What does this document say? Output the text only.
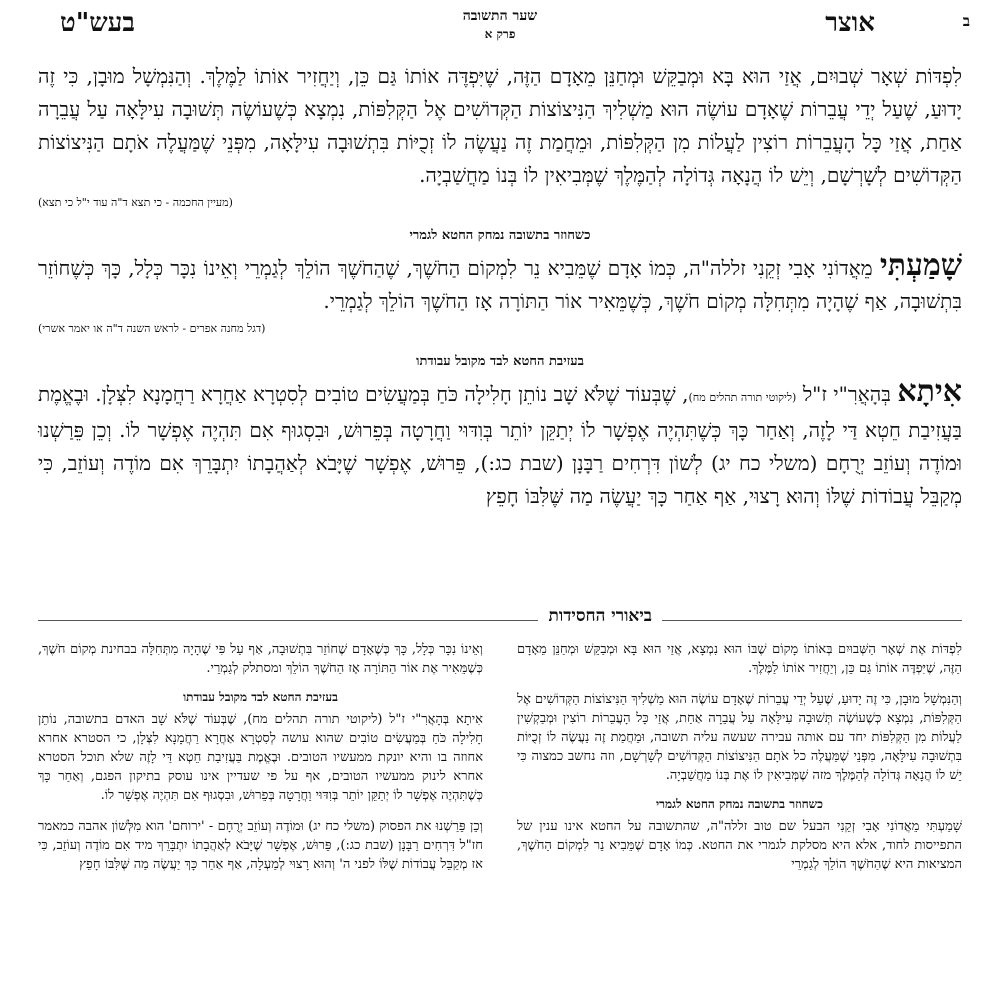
ב
אוצר
שער התשובה
פרק א
בעש"ט

לִפְדּוֹת שְׁאָר שְׁבוּיִם, אֲזַי הוּא בָּא וּמְבַקֵּשׁ וּמְחַנֵּן מֵאָדָם הַזֶּה, שֶׁיִּפְדֶּה אוֹתוֹ גַּם כֵּן, וְיַחֲזִיר אוֹתוֹ לַמֶּלֶךְ. וְהַנִּמְשָׁל מוּבָן, כִּי זֶה יָדוּעַ, שֶׁעַל יְדֵי עֲבֵרוֹת שֶׁאָדָם עוֹשֶׂה הוּא מַשְׁלִיךְ הַנִּיצוֹצוֹת הַקְּדוֹשִׁים אֶל הַקְּלִפּוֹת, נִמְצָא כְּשֶׁעוֹשֶׂה תְּשׁוּבָה עִילָּאָה עַל עֲבֵרָה אַחַת, אֲזַי כָּל הָעֲבֵרוֹת רוֹצִין לַעֲלוֹת מִן הַקְּלִפּוֹת, וּמֵחֲמַת זֶה נַעֲשֶׂה לוֹ זְכֻיּוֹת בִּתְשׁוּבָה עִילָּאָה, מִפְּנֵי שֶׁמַּעֲלֶה אֹתָם הַנִּיצוֹצוֹת הַקְּדוֹשִׁים לְשָׁרְשָׁם, וְיֵשׁ לוֹ הֲנָאָה גְּדוֹלָה לְהַמֶּלֶךְ שֶׁמְּבִיאִין לוֹ בְּנוֹ מַחֲשַׁבְיָה.

(מעיין החכמה - כי תצא ד"ה עוד י"ל כי תצא)

כשחוזר בתשובה נמחק החטא לגמרי

שָׁמַעְתִּי מֵאֲדוֹנִי אָבִי זְקֵנִי זללה"ה, כְּמוֹ אָדָם שֶׁמֵּבִיא נֵר לִמְקוֹם הַחֹשֶׁךְ, שֶׁהַחֹשֶׁךְ הוֹלֵךְ לְגַמְרֵי וְאֵינוֹ נִכָּר כְּלָל, כָּךְ כְּשֶׁחוֹזֵר בִּתְשׁוּבָה, אַף שֶׁהָיָה מִתְּחִלָּה מְקוֹם חֹשֶׁךְ, כְּשֶׁמֵּאִיר אוֹר הַתּוֹרָה אָז הַחֹשֶׁךְ הוֹלֵךְ לְגַמְרֵי.

(דגל מחנה אפרים - לראש השנה ד"ה או יאמר אשרי)

בעזיבת החטא לבד מקובל עבודתו

אִיתָא בְּהָאֲרִ"י ז"ל (ליקוטי תורה תהלים מח), שֶׁבְּעוֹד שֶׁלֹּא שָׁב נוֹתֵן חָלִילָה כֹּחַ בְּמַעֲשִׂים טוֹבִים לְסִטְרָא אַחֲרָא רַחֲמָנָא לִצְּלָן. וּבֶאֱמֶת בַּעֲזִיבַת חֵטְא דַּי לָזֶה, וְאַחַר כָּךְ כְּשֶׁתִּהְיֶה אֶפְשָׁר לוֹ יְתַקֵּן יוֹתֵר בְּוִדּוּי וַחֲרָטָה בְּפֵרוּשׁ, וּבִסְגוּף אִם תִּהְיֶה אֶפְשָׁר לוֹ. וְכֵן פֵּרַשְׁנוּ וּמוֹדֶה וְעוֹזֵב יְרֻחָם (משלי כח יג) לְשׁוֹן דִּרְחִים רַבָּנָן (שבת כג:), פֵּרוּשׁ, אֶפְשָׁר שֶׁיָּבֹא לְאַהֲבָתוֹ יִתְבָּרֵךְ אִם מוֹדֶה וְעוֹזֵב, כִּי מְקַבֵּל עֲבוֹדוֹת שֶׁלּוֹ וְהוּא רָצוּי, אַף אַחַר כָּךְ יַעֲשֶׂה מַה שֶּׁלִּבּוֹ חָפֵץ

ביאורי החסידות

לִפְדּוֹת אֶת שְׁאָר הַשְּׁבוּיִם בְּאוֹתוֹ מָקוֹם שֶׁבּוֹ הוּא נִמְצָא, אֲזַי הוּא בָּא וּמְבַקֵּשׁ וּמְחַנֵּן מֵאָדָם הַזֶּה, שֶׁיִּפְדֶּה אוֹתוֹ גַּם כֵּן, וְיַחֲזִיר אוֹתוֹ לַמֶּלֶךְ.

וְהַנִּמְשָׁל מוּבָן, כִּי זֶה יָדוּעַ, שֶׁעַל יְדֵי עֲבֵרוֹת שֶׁאָדָם עוֹשֶׂה הוּא מַשְׁלִיךְ הַנִּיצוֹצוֹת הַקְּדוֹשִׁים אֶל הַקְּלִפּוֹת, נִמְצָא כְּשֶׁעוֹשֶׂה תְּשׁוּבָה עִילָּאָה עַל עֲבֵרָה אַחַת, אֲזַי כָּל הָעֲבֵרוֹת רוֹצִין וּמְבַקְשִׁין לַעֲלוֹת מִן הַקְּלִפּוֹת יחד עם אותה עבירה שעשה עליה תשובה, וּמֵחֲמַת זֶה נַעֲשֶׂה לוֹ זְכֻיּוֹת בִּתְשׁוּבָה עִילָּאָה, מִפְּנֵי שֶׁמַּעֲלֶה כל אֹתָם הַנִּיצוֹצוֹת הַקְּדוֹשִׁים לְשָׁרְשָׁם, וזה נחשב כמצוה כִּי יֵשׁ לוֹ הֲנָאָה גְּדוֹלָה לְהַמֶּלֶךְ מזה שֶׁמְּבִיאִין לוֹ אֶת בְּנוֹ מַחֲשַׁבְיָה.

כשחוזר בתשובה נמחק החטא לגמרי

שָׁמַעְתִּי מֵאֲדוֹנִי אָבִי זְקֵנִי הבעל שם טוב זללה"ה, שהתשובה על החטא אינו ענין של התפייסות לחוד, אלא היא מסלקת לגמרי את החטא. כְּמוֹ אָדָם שֶׁמֵּבִיא נֵר לִמְקוֹם הַחֹשֶׁךְ, המציאות היא שֶׁהַחֹשֶׁךְ הוֹלֵךְ לְגַמְרֵי

וְאֵינוֹ נִכָּר כְּלָל, כָּךְ כְּשֶׁאָדָם שֶׁחוֹזֵר בִּתְשׁוּבָה, אַף עַל פִּי שֶׁהָיָה מִתְּחִלָּה בבחינת מְקוֹם חֹשֶׁךְ, כְּשֶׁמֵּאִיר אֶת אוֹר הַתּוֹרָה אָז הַחֹשֶׁךְ הוֹלֵךְ ומסתלק לְגַמְרֵי.

בעזיבת החטא לבד מקובל עבודתו

אִיתָא בְּהָאֲרִ"י ז"ל (ליקוטי תורה תהלים מח), שֶׁבְּעוֹד שֶׁלֹּא שָׁב האדם בתשובה, נוֹתֵן חָלִילָה כֹּחַ בְּמַעֲשִׂים טוֹבִים שהוא עושה לְסִטְרָא אַחֲרָא רַחֲמָנָא לִצְּלָן, כי הסטרא אחרא אחוזה בו והיא יונקת ממעשיו הטובים. וּבֶאֱמֶת בַּעֲזִיבַת חֵטְא דַּי לָזֶה שלא תוכל הסטרא אחרא לינוק ממעשיו הטובים, אף על פי שעדיין אינו עוסק בתיקון הפגם, וְאַחַר כָּךְ כְּשֶׁתִּהְיֶה אֶפְשָׁר לוֹ יְתַקֵּן יוֹתֵר בְּוִדּוּי וַחֲרָטָה בְּפֵרוּשׁ, וּבִסְגוּף אִם תִּהְיֶה אֶפְשָׁר לוֹ.

וְכֵן פֵּרַשְׁנוּ את הפסוק (משלי כח יג) וּמוֹדֶה וְעוֹזֵב יְרֻחָם - 'ירוחם' הוא מִלְּשׁוֹן אהבה כמאמר חז"ל דִּרְחִים רַבָּנָן (שבת כג:), פֵּרוּשׁ, אֶפְשָׁר שֶׁיָּבֹא לְאַהֲבָתוֹ יִתְבָּרֵךְ מיד אִם מוֹדֶה וְעוֹזֵב, כִּי אז מְקַבֵּל עֲבוֹדוֹת שֶׁלּוֹ לפני ה' וְהוּא רָצוּי לְמַעְלָה, אַף אַחַר כָּךְ יַעֲשֶׂה מַה שֶּׁלִּבּוֹ חָפֵץ
